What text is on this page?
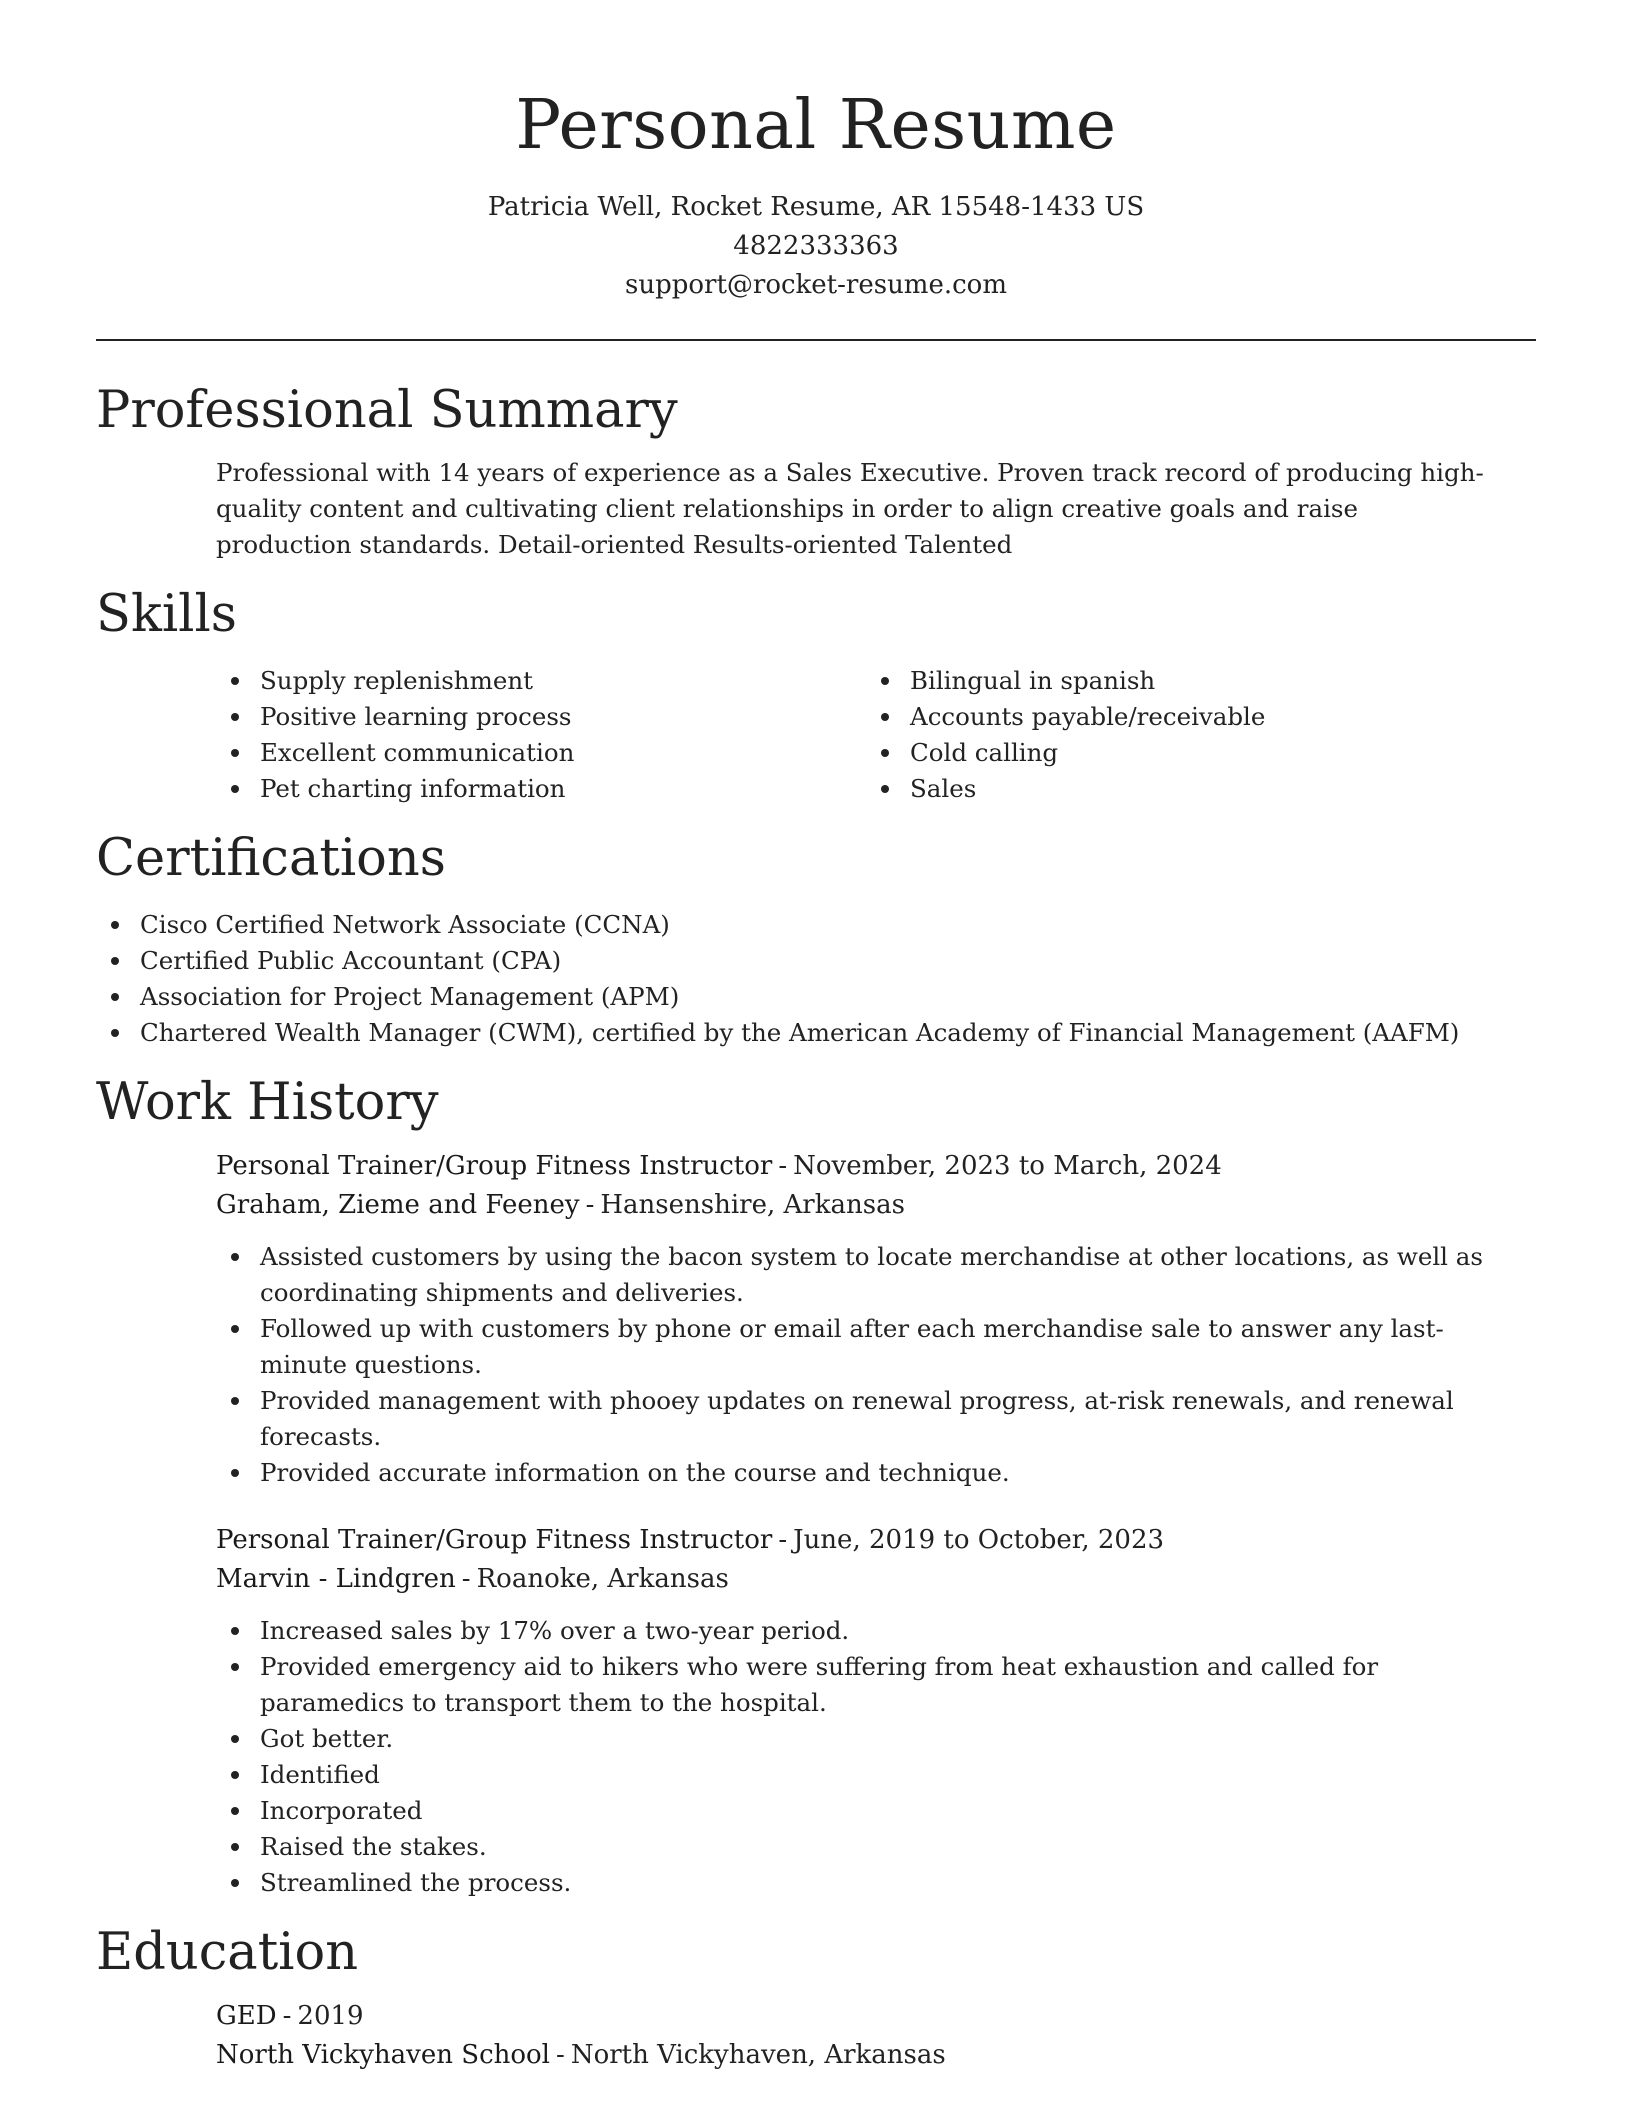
Personal Resume
Patricia Well, Rocket Resume, AR 15548-1433 US
4822333363
support@rocket-resume.com
Professional Summary
Professional with 14 years of experience as a Sales Executive. Proven track record of producing high-quality content and cultivating client relationships in order to align creative goals and raise production standards. Detail-oriented Results-oriented Talented
Skills
Supply replenishment
Positive learning process
Excellent communication
Pet charting information
Bilingual in spanish
Accounts payable/receivable
Cold calling
Sales
Certifications
Cisco Certified Network Associate (CCNA)
Certified Public Accountant (CPA)
Association for Project Management (APM)
Chartered Wealth Manager (CWM), certified by the American Academy of Financial Management (AAFM)
Work History
Personal Trainer/Group Fitness Instructor - November, 2023 to March, 2024
Graham, Zieme and Feeney - Hansenshire, Arkansas
Assisted customers by using the bacon system to locate merchandise at other locations, as well as coordinating shipments and deliveries.
Followed up with customers by phone or email after each merchandise sale to answer any last-minute questions.
Provided management with phooey updates on renewal progress, at-risk renewals, and renewal forecasts.
Provided accurate information on the course and technique.
Personal Trainer/Group Fitness Instructor - June, 2019 to October, 2023
Marvin - Lindgren - Roanoke, Arkansas
Increased sales by 17% over a two-year period.
Provided emergency aid to hikers who were suffering from heat exhaustion and called for paramedics to transport them to the hospital.
Got better.
Identified
Incorporated
Raised the stakes.
Streamlined the process.
Education
GED - 2019
North Vickyhaven School - North Vickyhaven, Arkansas
